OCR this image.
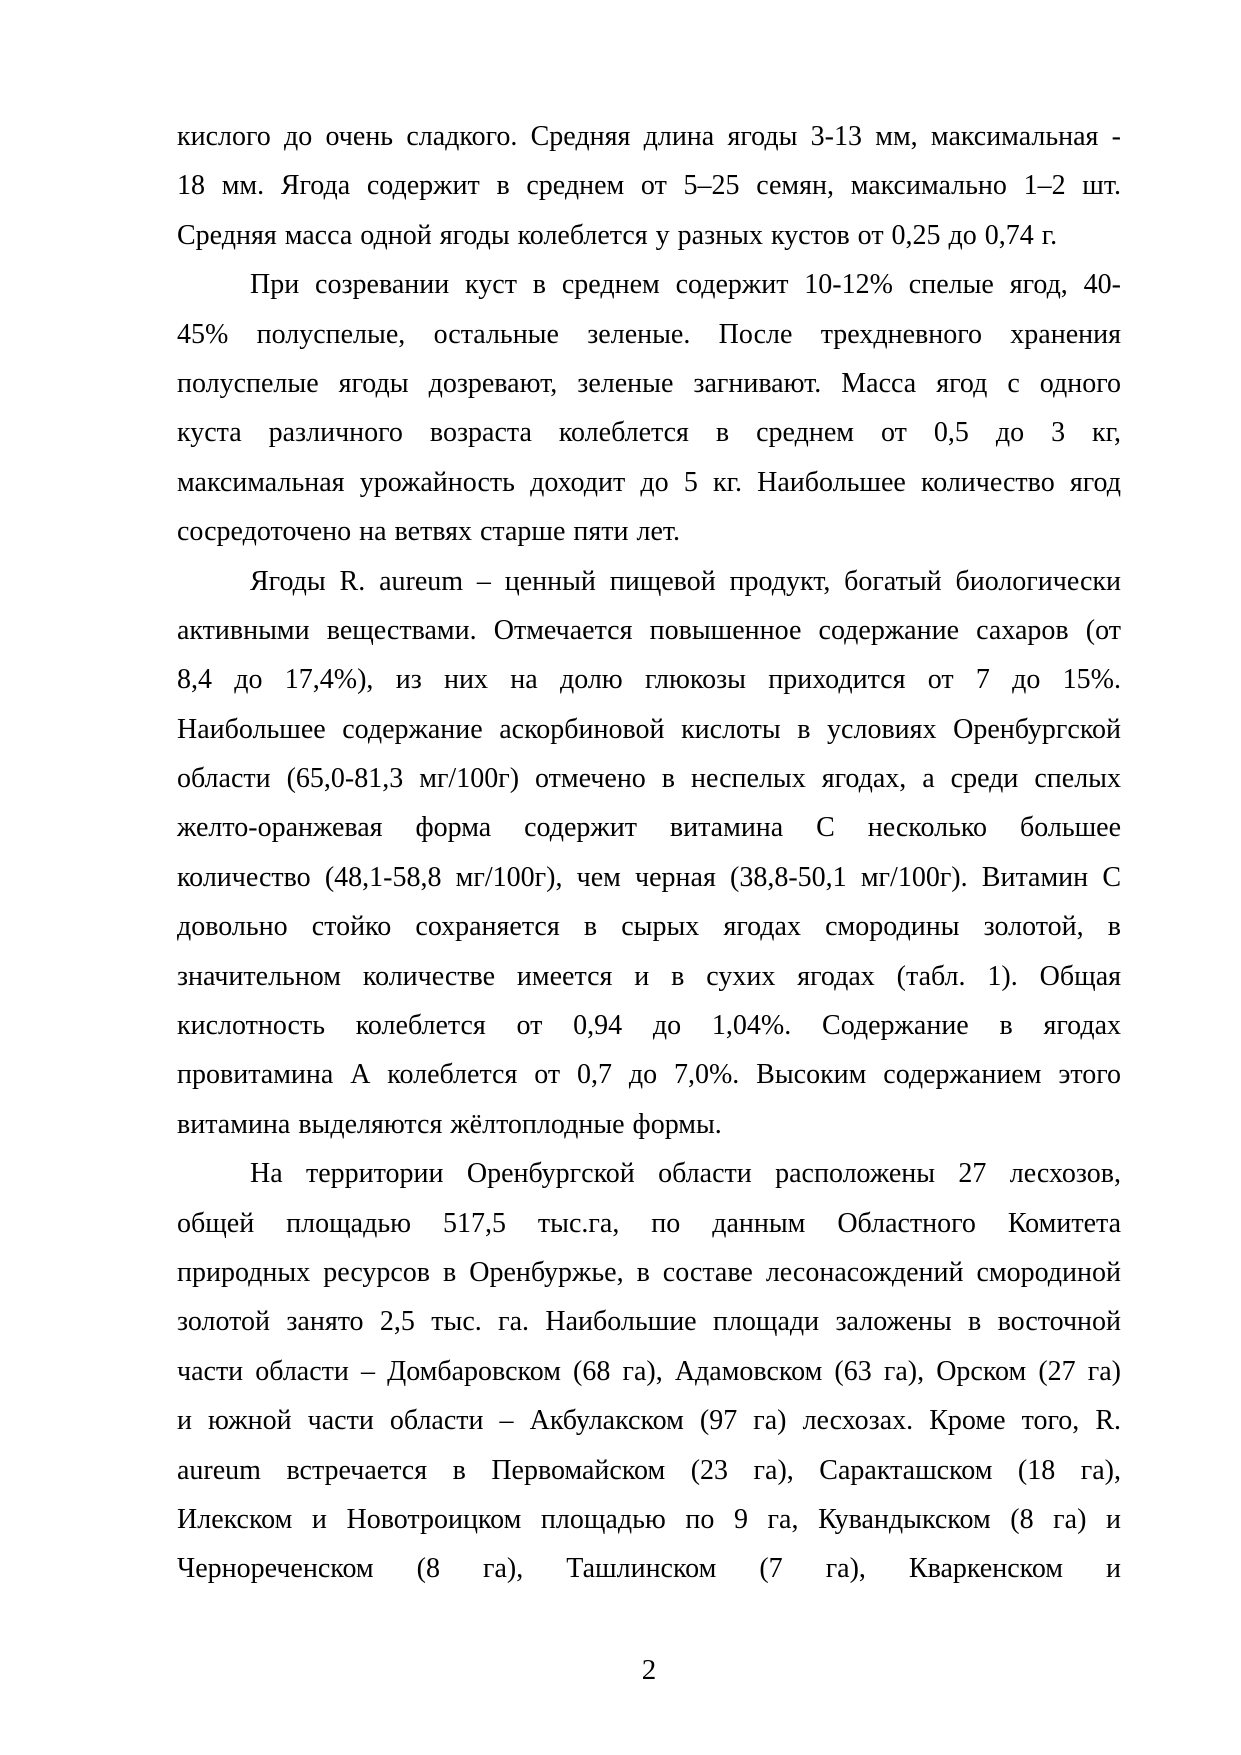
кислого до очень сладкого. Средняя длина ягоды 3-13 мм, максимальная -
18 мм. Ягода содержит в среднем от 5–25 семян, максимально 1–2 шт.
Средняя масса одной ягоды колеблется у разных кустов от 0,25 до 0,74 г.
При созревании куст в среднем содержит 10-12% спелые ягод, 40-
45% полуспелые, остальные зеленые. После трехдневного хранения
полуспелые ягоды дозревают, зеленые загнивают. Масса ягод с одного
куста различного возраста колеблется в среднем от 0,5 до 3 кг,
максимальная урожайность доходит до 5 кг. Наибольшее количество ягод
сосредоточено на ветвях старше пяти лет.
Ягоды R. aureum – ценный пищевой продукт, богатый биологически
активными веществами. Отмечается повышенное содержание сахаров (от
8,4 до 17,4%), из них на долю глюкозы приходится от 7 до 15%.
Наибольшее содержание аскорбиновой кислоты в условиях Оренбургской
области (65,0-81,3 мг/100г) отмечено в неспелых ягодах, а среди спелых
желто-оранжевая форма содержит витамина С несколько большее
количество (48,1-58,8 мг/100г), чем черная (38,8-50,1 мг/100г). Витамин С
довольно стойко сохраняется в сырых ягодах смородины золотой, в
значительном количестве имеется и в сухих ягодах (табл. 1). Общая
кислотность колеблется от 0,94 до 1,04%. Содержание в ягодах
провитамина А колеблется от 0,7 до 7,0%. Высоким содержанием этого
витамина выделяются жёлтоплодные формы.
На территории Оренбургской области расположены 27 лесхозов,
общей площадью 517,5 тыс.га, по данным Областного Комитета
природных ресурсов в Оренбуржье, в составе лесонасождений смородиной
золотой занято 2,5 тыс. га. Наибольшие площади заложены в восточной
части области – Домбаровском (68 га), Адамовском (63 га), Орском (27 га)
и южной части области – Акбулакском (97 га) лесхозах. Кроме того, R.
aureum встречается в Первомайском (23 га), Саракташском (18 га),
Илекском и Новотроицком площадью по 9 га, Кувандыкском (8 га) и
Чернореченском (8 га), Ташлинском (7 га), Кваркенском и
2
